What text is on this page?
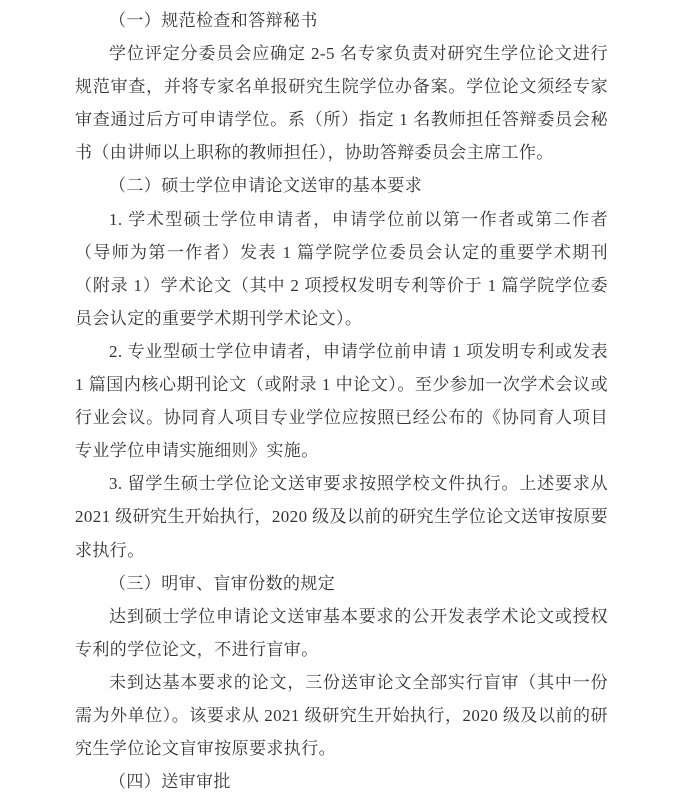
（一）规范检查和答辩秘书

学位评定分委员会应确定 2-5 名专家负责对研究生学位论文进行规范审查，并将专家名单报研究生院学位办备案。学位论文须经专家审查通过后方可申请学位。系（所）指定 1 名教师担任答辩委员会秘书（由讲师以上职称的教师担任），协助答辩委员会主席工作。

（二）硕士学位申请论文送审的基本要求

1. 学术型硕士学位申请者，申请学位前以第一作者或第二作者（导师为第一作者）发表 1 篇学院学位委员会认定的重要学术期刊（附录 1）学术论文（其中 2 项授权发明专利等价于 1 篇学院学位委员会认定的重要学术期刊学术论文）。

2. 专业型硕士学位申请者，申请学位前申请 1 项发明专利或发表 1 篇国内核心期刊论文（或附录 1 中论文）。至少参加一次学术会议或行业会议。协同育人项目专业学位应按照已经公布的《协同育人项目专业学位申请实施细则》实施。

3. 留学生硕士学位论文送审要求按照学校文件执行。上述要求从 2021 级研究生开始执行，2020 级及以前的研究生学位论文送审按原要求执行。

（三）明审、盲审份数的规定

达到硕士学位申请论文送审基本要求的公开发表学术论文或授权专利的学位论文，不进行盲审。

未到达基本要求的论文，三份送审论文全部实行盲审（其中一份需为外单位）。该要求从 2021 级研究生开始执行，2020 级及以前的研究生学位论文盲审按原要求执行。

（四）送审审批
